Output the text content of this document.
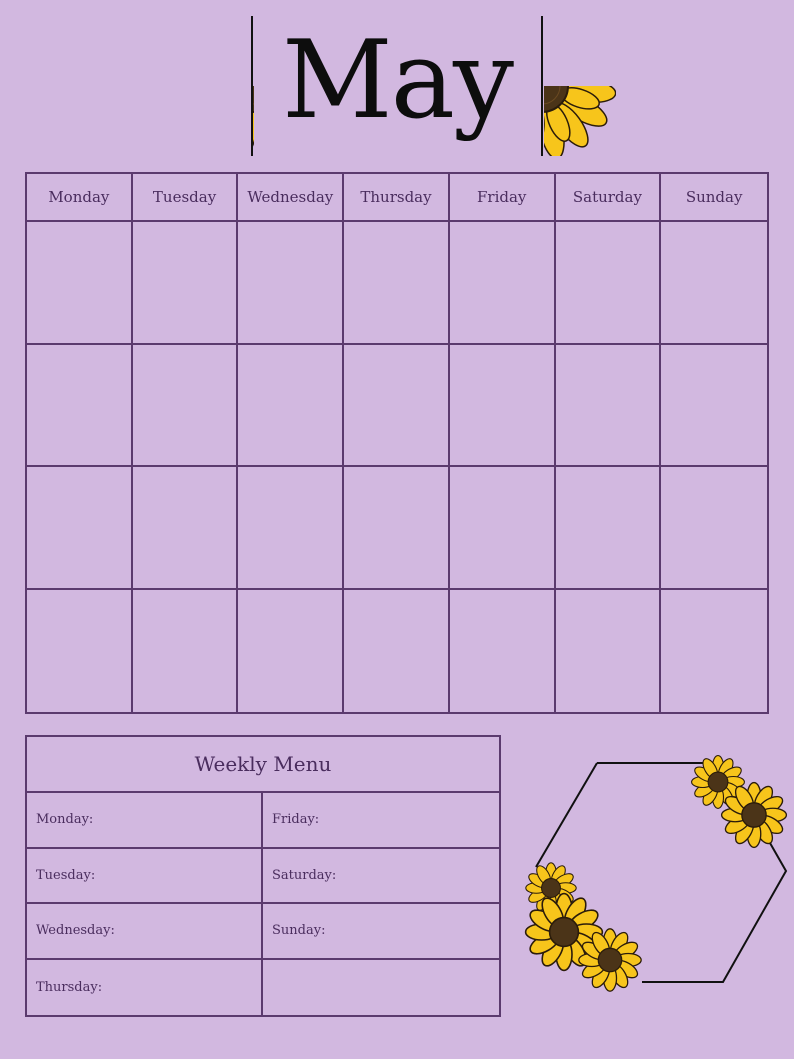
May
Monday	Tuesday	Wednesday	Thursday	Friday	Saturday	Sunday
Weekly Menu
Monday:	Friday:
Tuesday:	Saturday:
Wednesday:	Sunday:
Thursday:
